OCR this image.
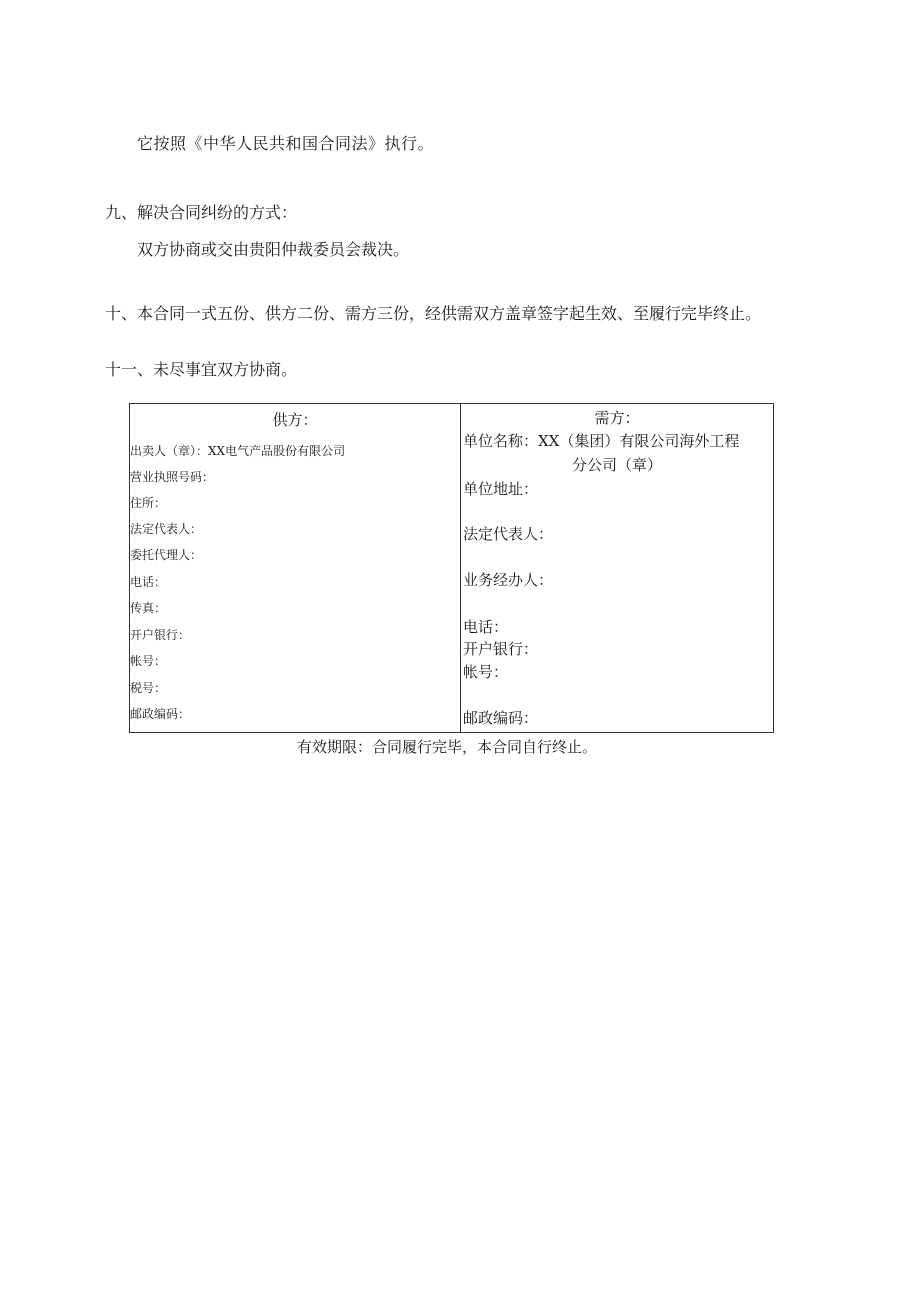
它按照《中华人民共和国合同法》执行。
九、解决合同纠纷的方式：
双方协商或交由贵阳仲裁委员会裁决。
十、本合同一式五份、供方二份、需方三份，经供需双方盖章签字起生效、至履行完毕终止。
十一、未尽事宜双方协商。
供方：
出卖人（章）：XX电气产品股份有限公司
营业执照号码：
住所：
法定代表人：
委托代理人：
电话：
传真：
开户银行：
帐号：
税号：
邮政编码：
需方：
单位名称：XX（集团）有限公司海外工程
分公司（章）
单位地址：
法定代表人：
业务经办人：
电话：
开户银行：
帐号：
邮政编码：
有效期限：合同履行完毕，本合同自行终止。
